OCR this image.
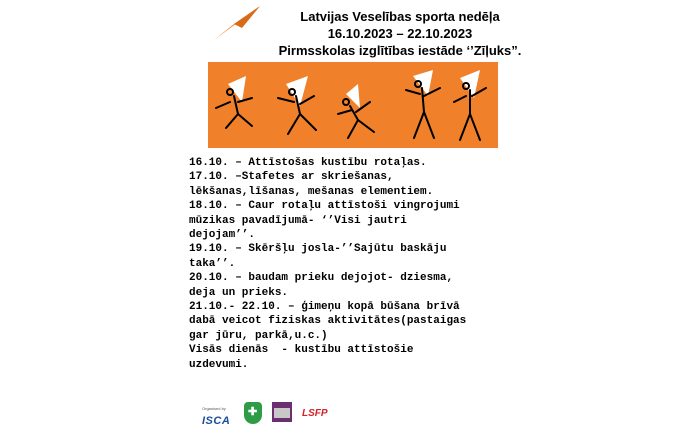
Latvijas Veselības sporta nedēļa
16.10.2023 – 22.10.2023
Pirmsskolas izglītības iestāde ‘’Zīļuks”.
16.10. – Attīstošas kustību rotaļas.
17.10. –Stafetes ar skriešanas,
lēkšanas,līšanas, mešanas elementiem.
18.10. – Caur rotaļu attīstoši vingrojumi
mūzikas pavadījumā- ‘’Visi jautri
dejojam’’.
19.10. – Skēršļu josla-’’Sajūtu baskāju
taka’’.
20.10. – baudam prieku dejojot- dziesma,
deja un prieks.
21.10.- 22.10. – ģimeņu kopā būšana brīvā
dabā veicot fiziskas aktivitātes(pastaigas
gar jūru, parkā,u.c.)
Visās dienās  - kustību attīstošie
uzdevumi.
Organised by
ISCA
✚	LSFP
